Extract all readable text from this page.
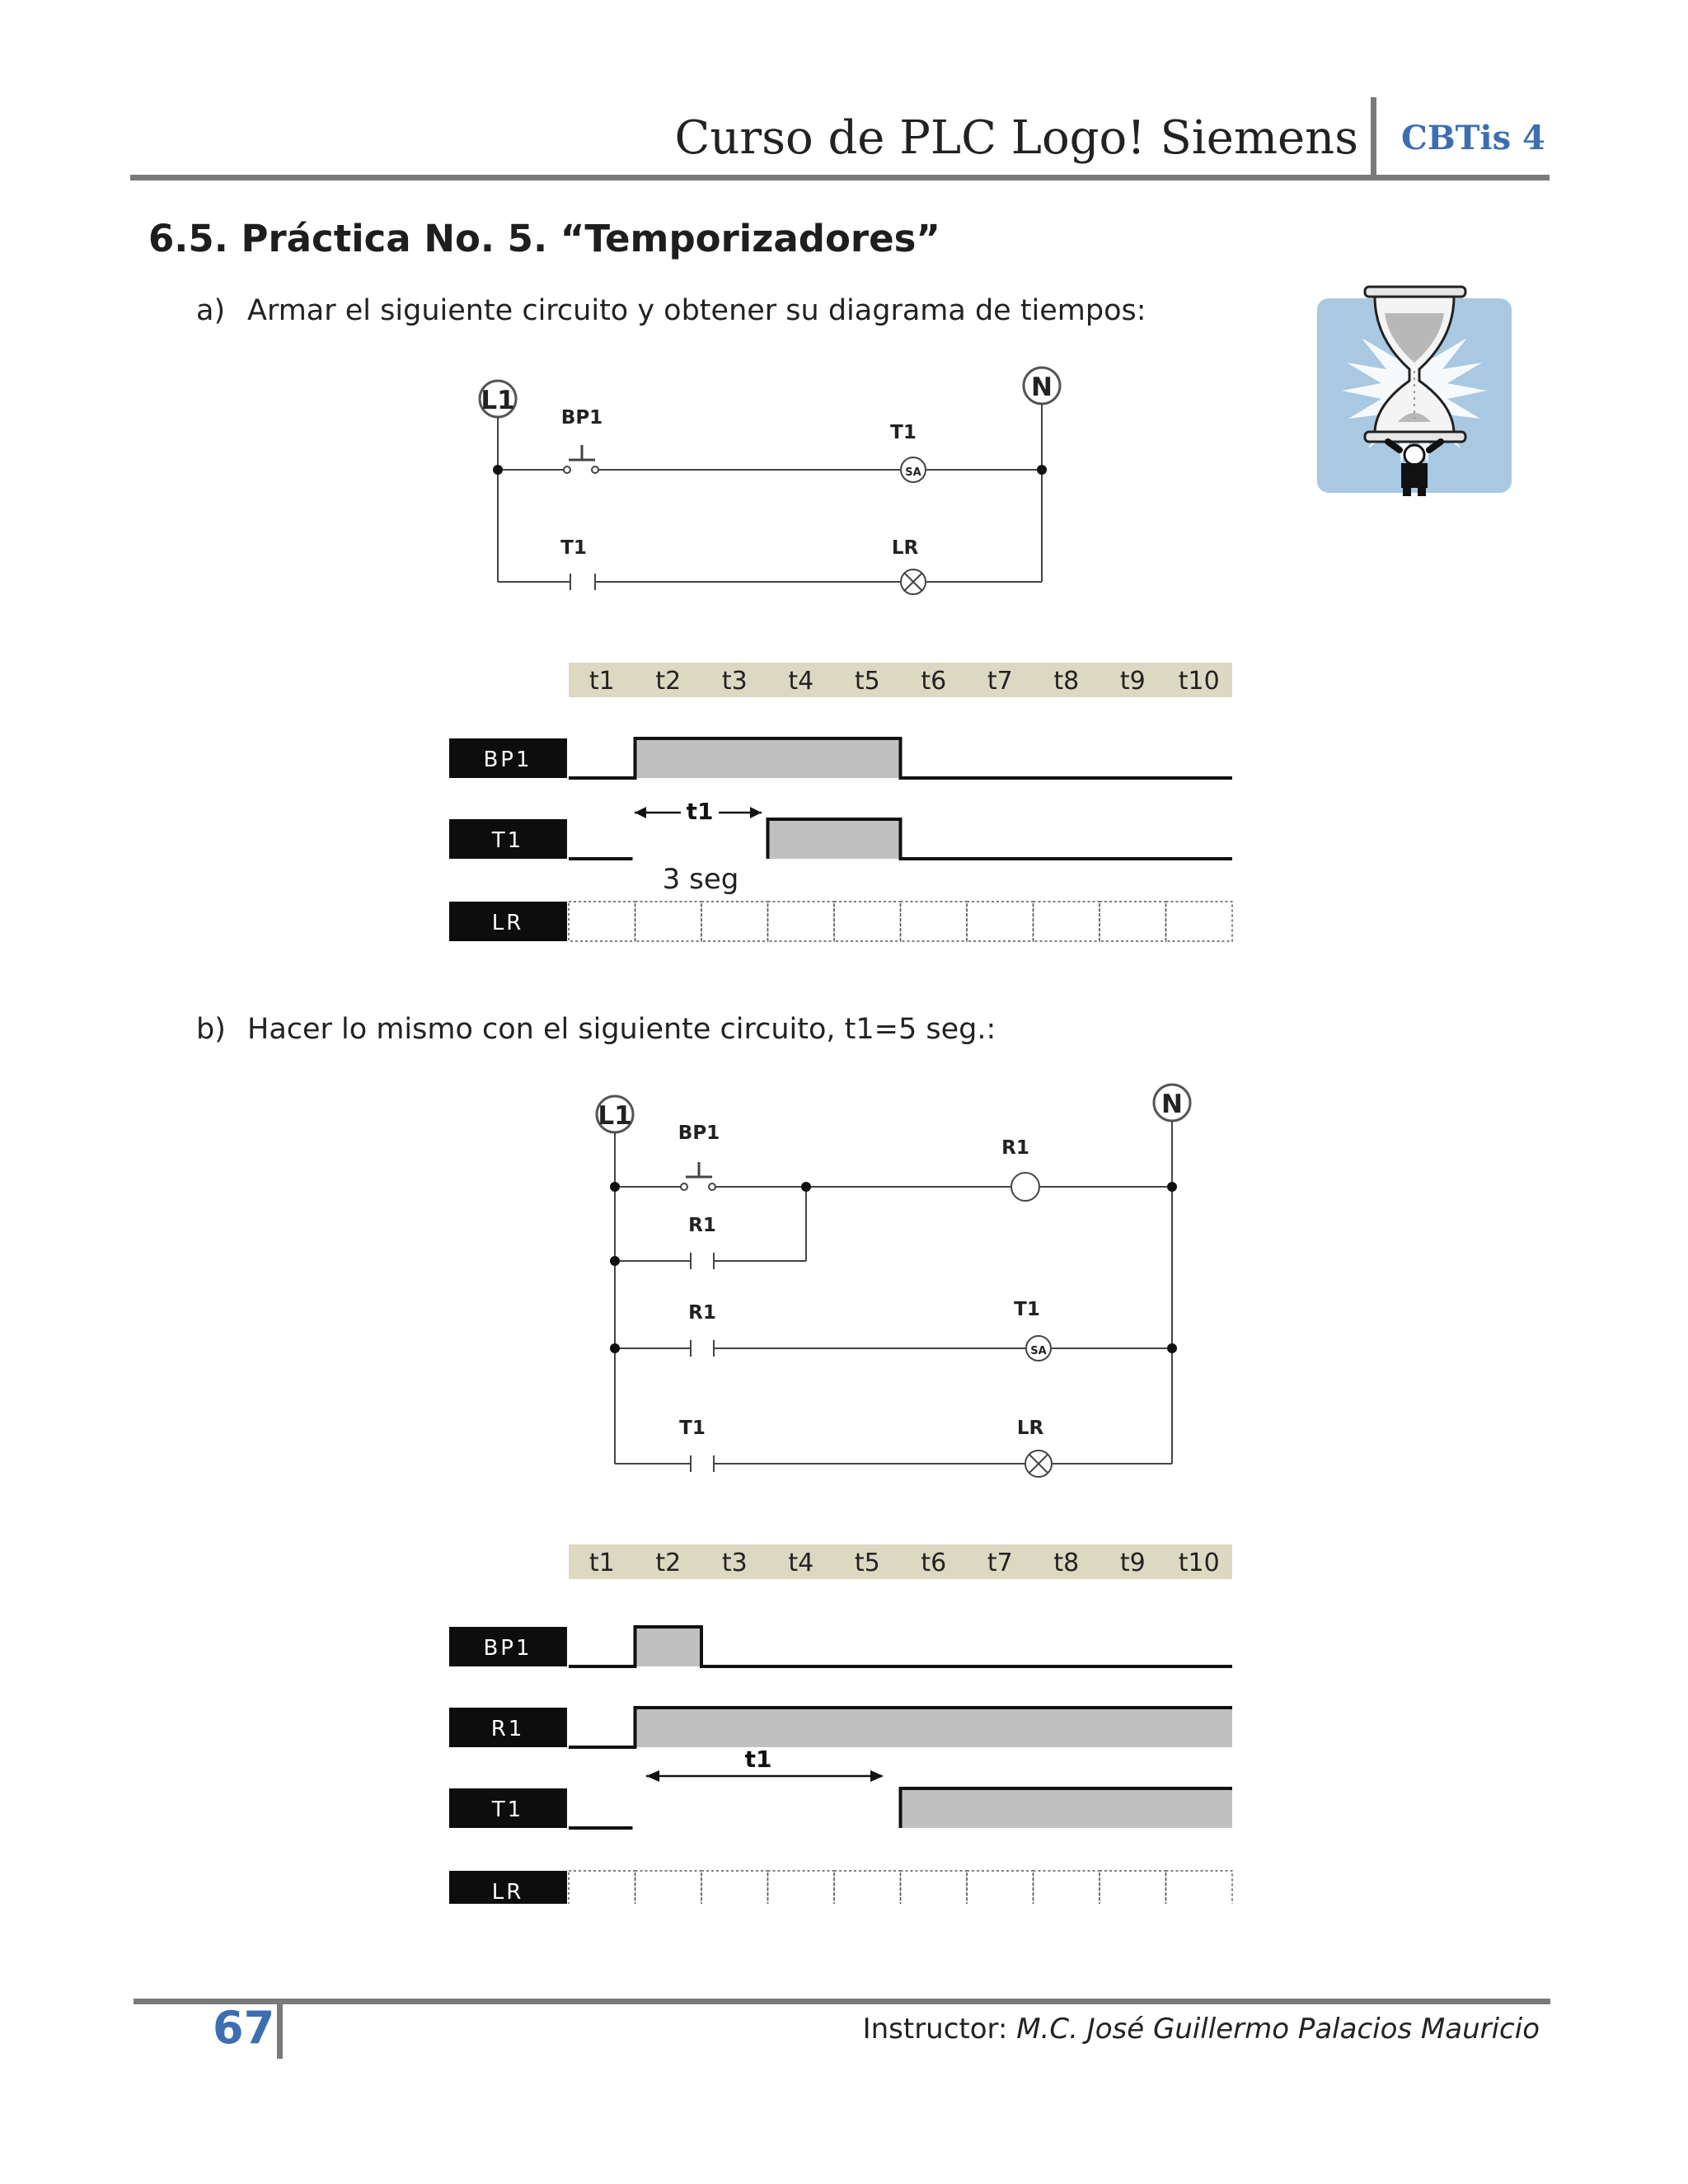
Curso de PLC Logo! Siemens CBTis 4
6.5. Práctica No. 5. “Temporizadores”
a) Armar el siguiente circuito y obtener su diagrama de tiempos:
L1	N
BP1
T1
SA
T1	LR
t1 t2 t3 t4 t5 t6 t7 t8 t9 t10
BP1
T1
LR
t1
3 seg
b) Hacer lo mismo con el siguiente circuito, t1=5 seg.:
L1	N
BP1
R1
R1
R1	T1
SA
T1	LR
t1 t2 t3 t4 t5 t6 t7 t8 t9 t10
BP1
R1
T1
LR
t1
67	Instructor: M.C. José Guillermo Palacios Mauricio
